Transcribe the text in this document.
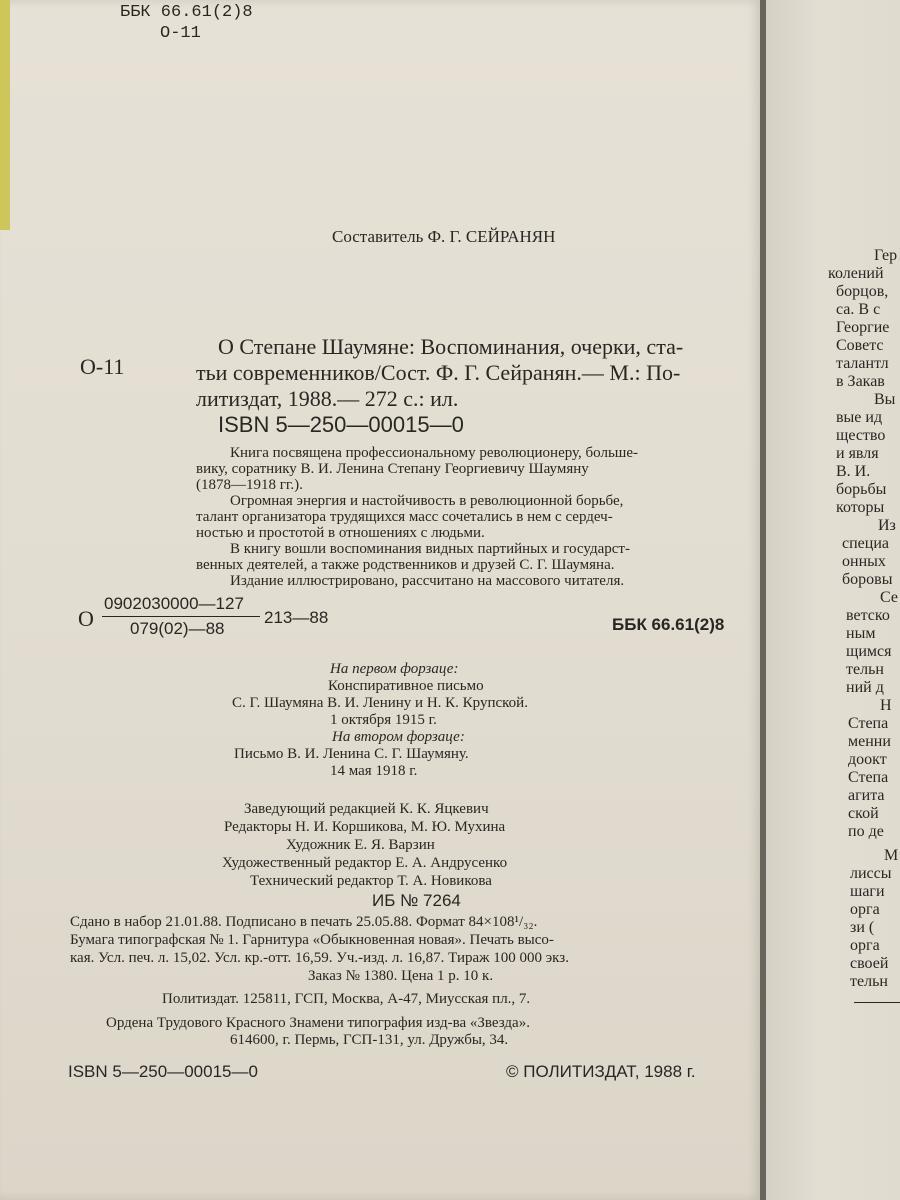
ББК 66.61(2)8
О-11
Составитель Ф. Г. СЕЙРАНЯН
О-11
О Степане Шаумяне: Воспоминания, очерки, ста-
тьи современников/Сост. Ф. Г. Сейранян.— М.: По-
литиздат, 1988.— 272 с.: ил.
ISBN 5—250—00015—0
Книга посвящена профессиональному революционеру, больше-
вику, соратнику В. И. Ленина Степану Георгиевичу Шаумяну
(1878—1918 гг.).
Огромная энергия и настойчивость в революционной борьбе,
талант организатора трудящихся масс сочетались в нем с сердеч-
ностью и простотой в отношениях с людьми.
В книгу вошли воспоминания видных партийных и государст-
венных деятелей, а также родственников и друзей С. Г. Шаумяна.
Издание иллюстрировано, рассчитано на массового читателя.
О
0902030000—127
079(02)—88
213—88	ББК 66.61(2)8
На первом форзаце:
Конспиративное письмо
С. Г. Шаумяна В. И. Ленину и Н. К. Крупской.
1 октября 1915 г.
На втором форзаце:
Письмо В. И. Ленина С. Г. Шаумяну.
14 мая 1918 г.
Заведующий редакцией К. К. Яцкевич
Редакторы Н. И. Коршикова, М. Ю. Мухина
Художник Е. Я. Варзин
Художественный редактор Е. А. Андрусенко
Технический редактор Т. А. Новикова
ИБ № 7264
Сдано в набор 21.01.88. Подписано в печать 25.05.88. Формат 84×108¹/₃₂.
Бумага типографская № 1. Гарнитура «Обыкновенная новая». Печать высо-
кая. Усл. печ. л. 15,02. Усл. кр.-отт. 16,59. Уч.-изд. л. 16,87. Тираж 100 000 экз.
Заказ № 1380. Цена 1 р. 10 к.
Политиздат. 125811, ГСП, Москва, А-47, Миусская пл., 7.
Ордена Трудового Красного Знамени типография изд-ва «Звезда».
614600, г. Пермь, ГСП-131, ул. Дружбы, 34.
ISBN 5—250—00015—0	© ПОЛИТИЗДАТ, 1988 г.
Гер
колений
борцов,
са. В с
Георгие
Советс
талантл
в Закав
Вы
вые ид
щество
и явля
В. И.
борьбы
которы
Из
специа
онных
боровы
Се
ветско
ным
щимся
тельн
ний д
Н
Степа
менни
доокт
Степа
агита
ской
по де
М
лиссы
шаги
орга
зи (
орга
своей
тельн
